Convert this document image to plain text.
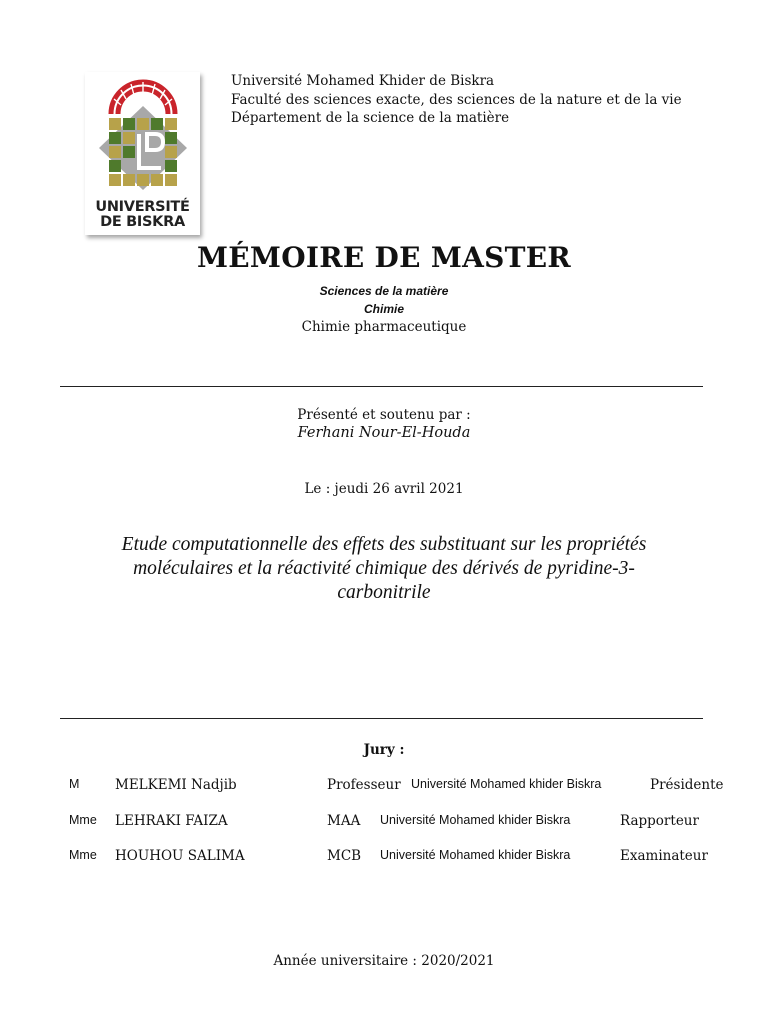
UNIVERSITÉ
DE BISKRA
Université Mohamed Khider de Biskra
Faculté des sciences exacte, des sciences de la nature et de la vie
Département de la science de la matière
MÉMOIRE DE MASTER
Sciences de la matière
Chimie
Chimie pharmaceutique
Présenté et soutenu par :
Ferhani Nour-El-Houda
Le : jeudi 26 avril 2021
Etude computationnelle des effets des substituant sur les propriétés
moléculaires et la réactivité chimique des dérivés de pyridine-3-
carbonitrile
Jury :
M	MELKEMI Nadjib	Professeur Université Mohamed khider Biskra	Présidente
Mme LEHRAKI FAIZA	MAA Université Mohamed khider Biskra	Rapporteur
Mme HOUHOU SALIMA	MCB Université Mohamed khider Biskra	Examinateur
Année universitaire : 2020/2021
